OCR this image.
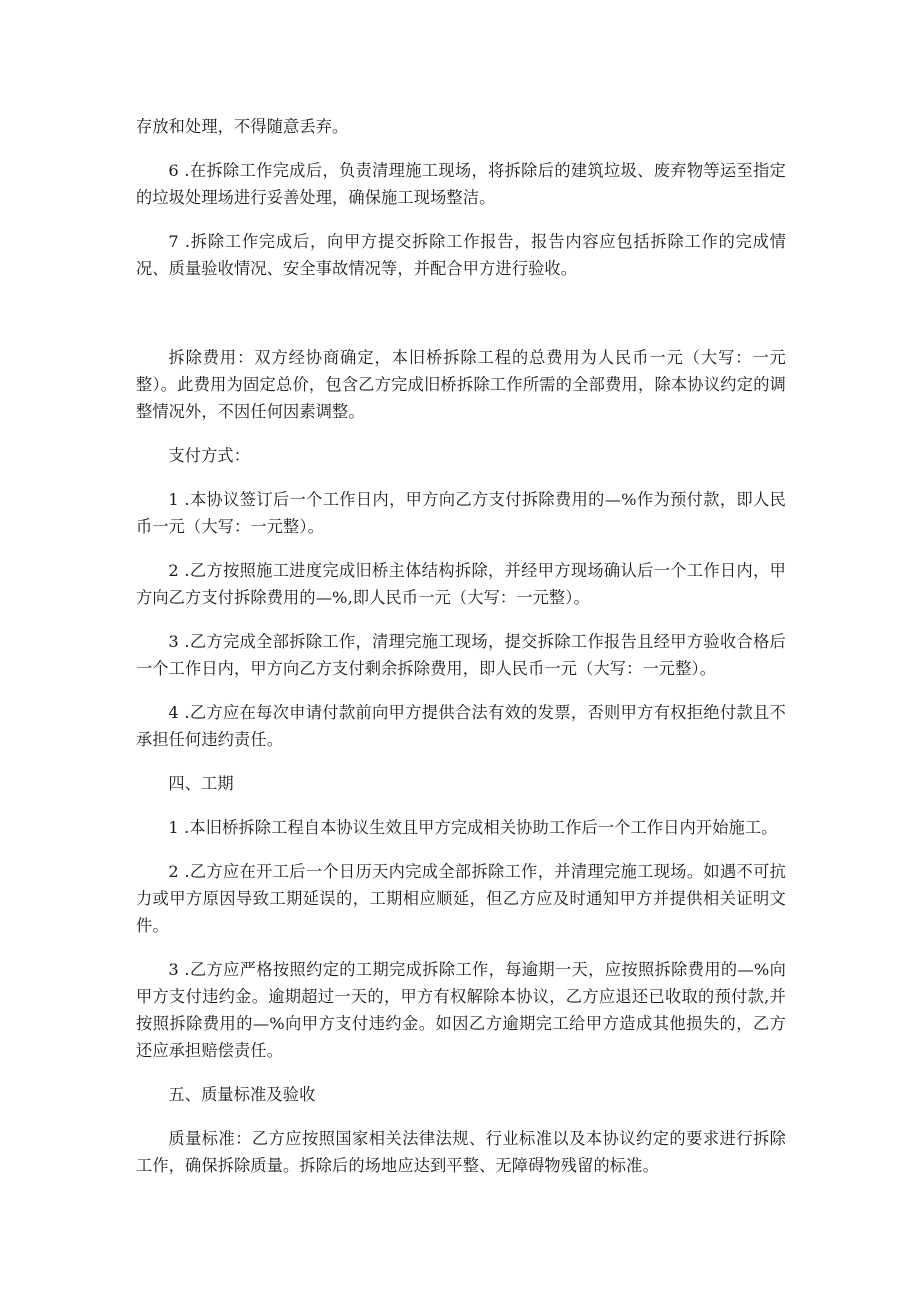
存放和处理，不得随意丢弃。

6 .在拆除工作完成后，负责清理施工现场，将拆除后的建筑垃圾、废弃物等运至指定的垃圾处理场进行妥善处理，确保施工现场整洁。

7 .拆除工作完成后，向甲方提交拆除工作报告，报告内容应包括拆除工作的完成情况、质量验收情况、安全事故情况等，并配合甲方进行验收。

拆除费用：双方经协商确定，本旧桥拆除工程的总费用为人民币一元（大写：一元整）。此费用为固定总价，包含乙方完成旧桥拆除工作所需的全部费用，除本协议约定的调整情况外，不因任何因素调整。

支付方式：

1 .本协议签订后一个工作日内，甲方向乙方支付拆除费用的—%作为预付款，即人民币一元（大写：一元整）。

2 .乙方按照施工进度完成旧桥主体结构拆除，并经甲方现场确认后一个工作日内，甲方向乙方支付拆除费用的—%,即人民币一元（大写：一元整）。

3 .乙方完成全部拆除工作，清理完施工现场，提交拆除工作报告且经甲方验收合格后一个工作日内，甲方向乙方支付剩余拆除费用，即人民币一元（大写：一元整）。

4 .乙方应在每次申请付款前向甲方提供合法有效的发票，否则甲方有权拒绝付款且不承担任何违约责任。

四、工期

1 .本旧桥拆除工程自本协议生效且甲方完成相关协助工作后一个工作日内开始施工。

2 .乙方应在开工后一个日历天内完成全部拆除工作，并清理完施工现场。如遇不可抗力或甲方原因导致工期延误的，工期相应顺延，但乙方应及时通知甲方并提供相关证明文件。

3 .乙方应严格按照约定的工期完成拆除工作，每逾期一天，应按照拆除费用的—%向甲方支付违约金。逾期超过一天的，甲方有权解除本协议，乙方应退还已收取的预付款,并按照拆除费用的—%向甲方支付违约金。如因乙方逾期完工给甲方造成其他损失的，乙方还应承担赔偿责任。

五、质量标准及验收

质量标准：乙方应按照国家相关法律法规、行业标准以及本协议约定的要求进行拆除工作，确保拆除质量。拆除后的场地应达到平整、无障碍物残留的标准。
